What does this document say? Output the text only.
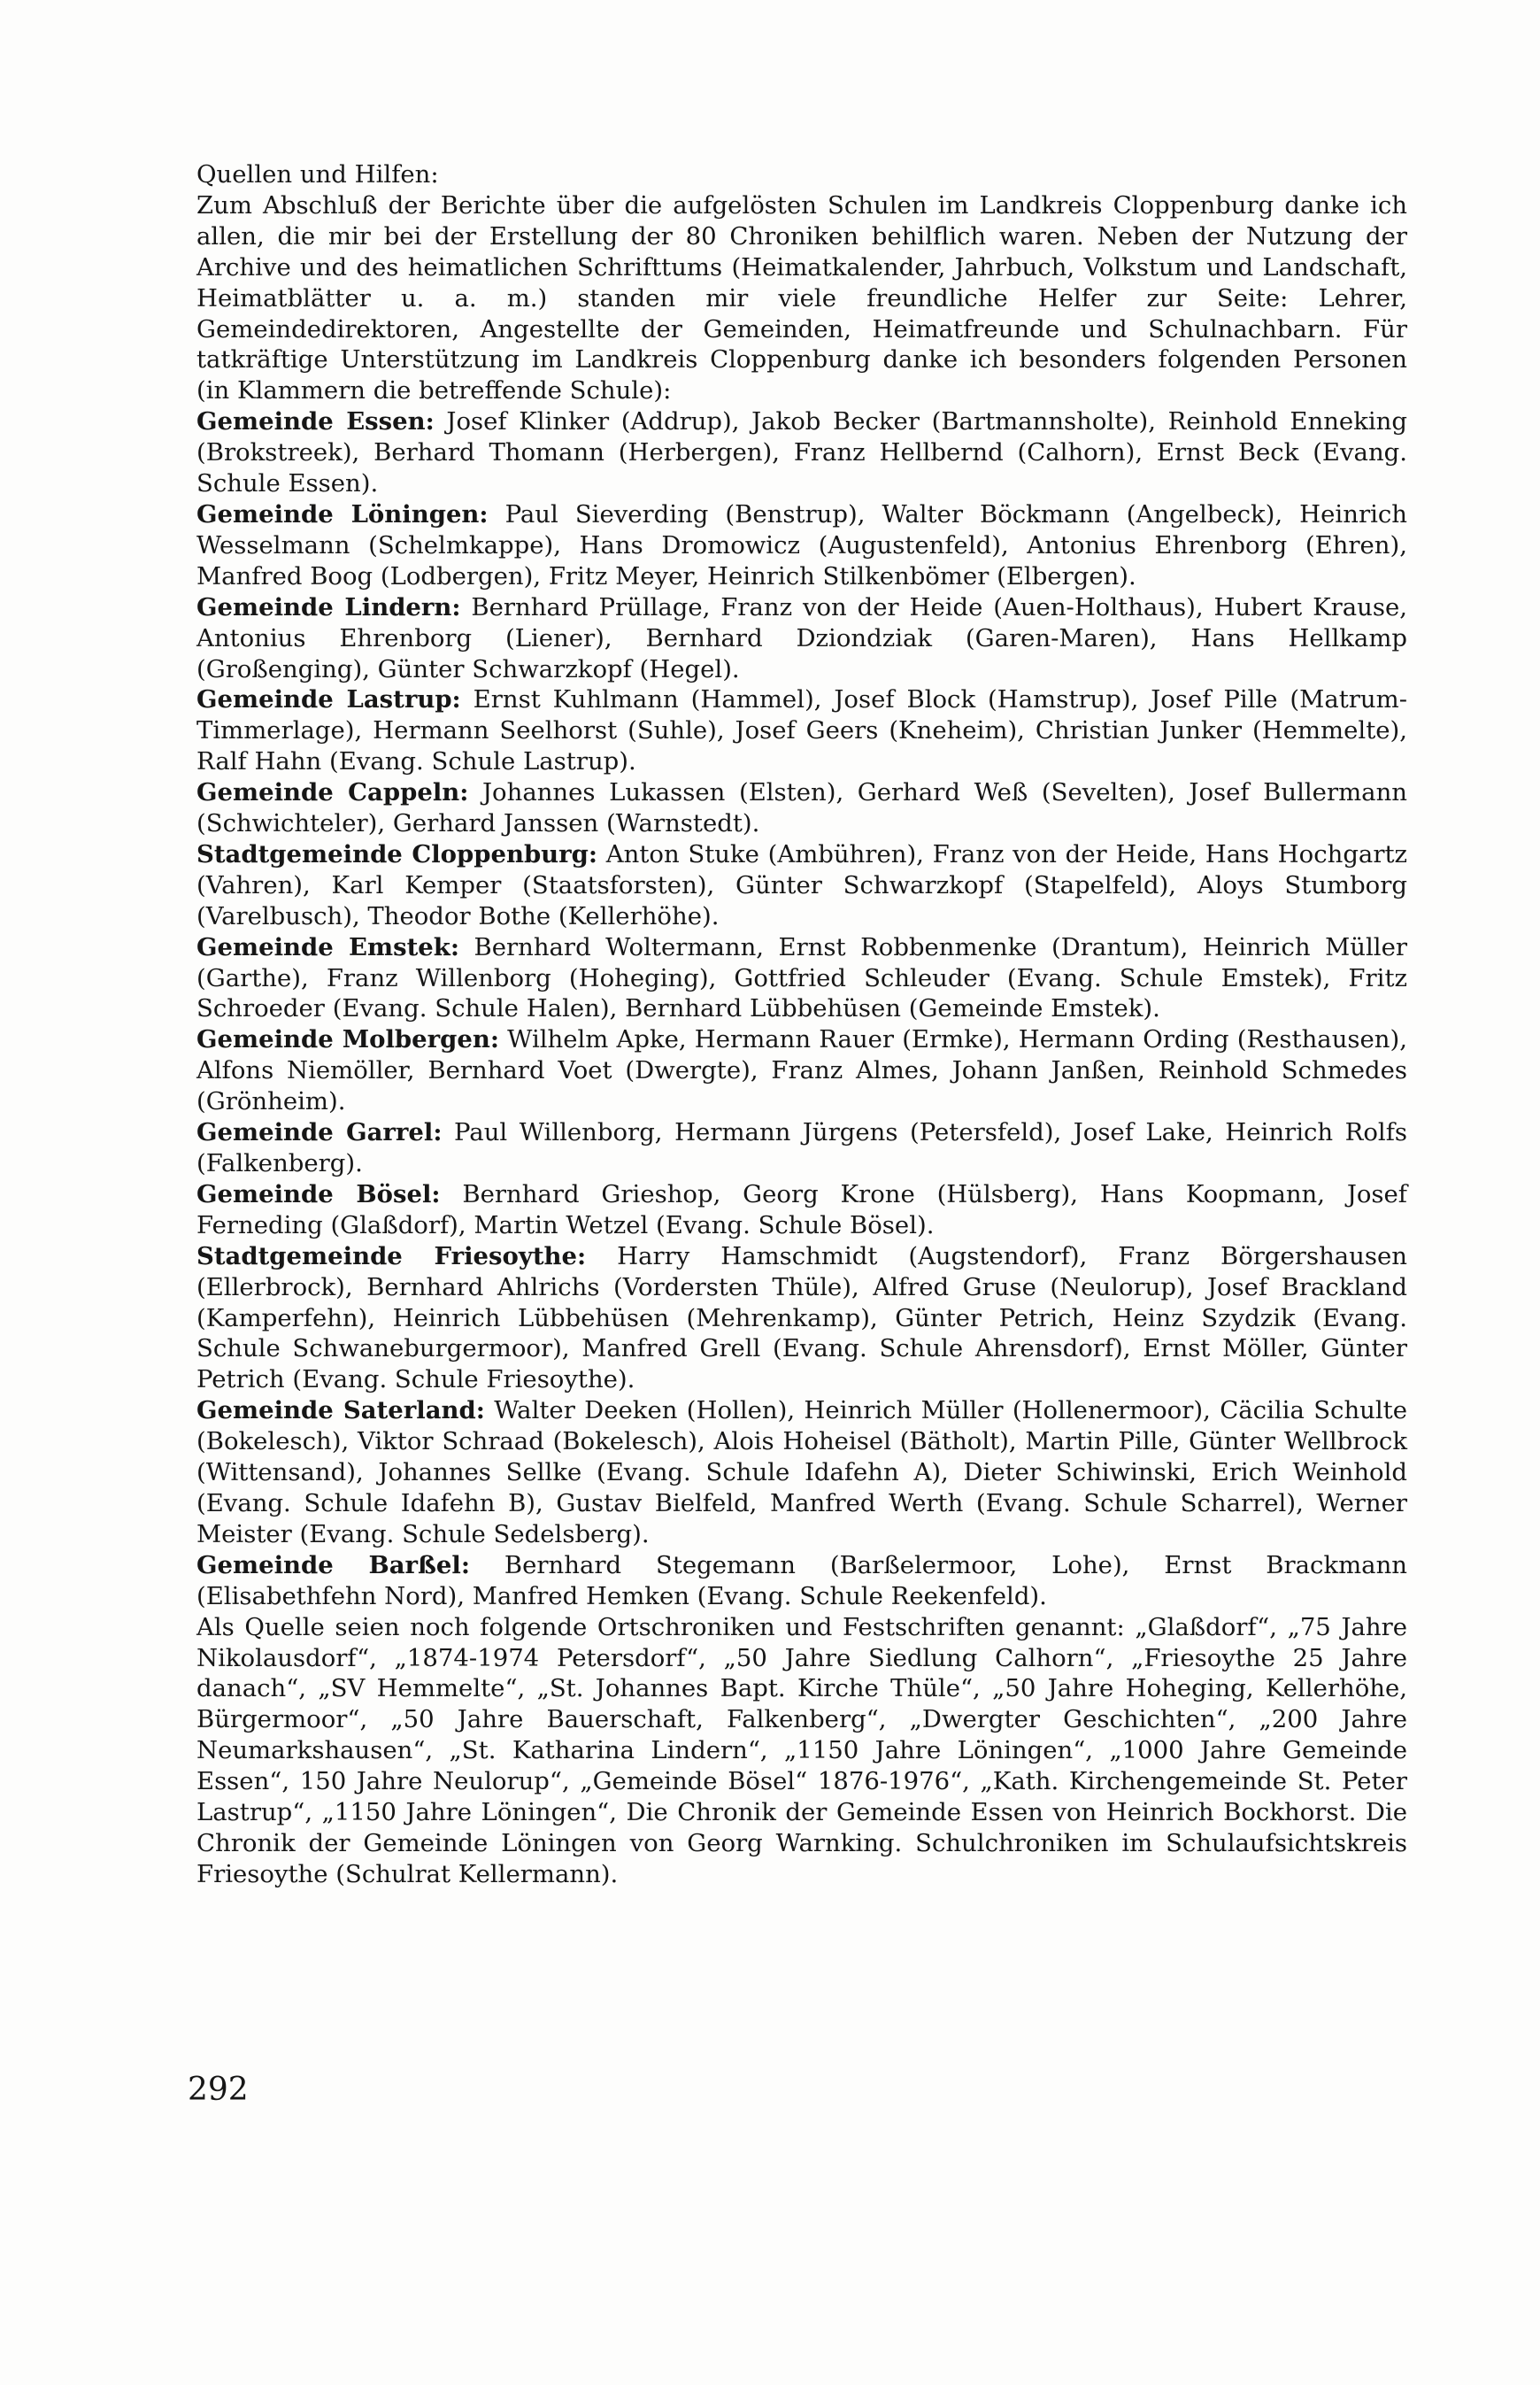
Quellen und Hilfen:

Zum Abschluß der Berichte über die aufgelösten Schulen im Landkreis Cloppenburg danke ich allen, die mir bei der Erstellung der 80 Chroniken behilflich waren. Neben der Nutzung der Archive und des heimatlichen Schrifttums (Heimatkalender, Jahrbuch, Volkstum und Landschaft, Heimatblätter u. a. m.) standen mir viele freundliche Helfer zur Seite: Lehrer, Gemeindedirektoren, Angestellte der Gemeinden, Heimatfreunde und Schulnachbarn. Für tatkräftige Unterstützung im Landkreis Cloppenburg danke ich besonders folgenden Personen (in Klammern die betreffende Schule):

Gemeinde Essen: Josef Klinker (Addrup), Jakob Becker (Bartmannsholte), Reinhold Enneking (Brokstreek), Berhard Thomann (Herbergen), Franz Hellbernd (Calhorn), Ernst Beck (Evang. Schule Essen).

Gemeinde Löningen: Paul Sieverding (Benstrup), Walter Böckmann (Angelbeck), Heinrich Wesselmann (Schelmkappe), Hans Dromowicz (Augustenfeld), Antonius Ehrenborg (Ehren), Manfred Boog (Lodbergen), Fritz Meyer, Heinrich Stilkenbömer (Elbergen).

Gemeinde Lindern: Bernhard Prüllage, Franz von der Heide (Auen-Holthaus), Hubert Krause, Antonius Ehrenborg (Liener), Bernhard Dziondziak (Garen-Maren), Hans Hellkamp (Großenging), Günter Schwarzkopf (Hegel).

Gemeinde Lastrup: Ernst Kuhlmann (Hammel), Josef Block (Hamstrup), Josef Pille (Matrum-Timmerlage), Hermann Seelhorst (Suhle), Josef Geers (Kneheim), Christian Junker (Hemmelte), Ralf Hahn (Evang. Schule Lastrup).

Gemeinde Cappeln: Johannes Lukassen (Elsten), Gerhard Weß (Sevelten), Josef Bullermann (Schwichteler), Gerhard Janssen (Warnstedt).

Stadtgemeinde Cloppenburg: Anton Stuke (Ambühren), Franz von der Heide, Hans Hochgartz (Vahren), Karl Kemper (Staatsforsten), Günter Schwarzkopf (Stapelfeld), Aloys Stumborg (Varelbusch), Theodor Bothe (Kellerhöhe).

Gemeinde Emstek: Bernhard Woltermann, Ernst Robbenmenke (Drantum), Heinrich Müller (Garthe), Franz Willenborg (Hoheging), Gottfried Schleuder (Evang. Schule Emstek), Fritz Schroeder (Evang. Schule Halen), Bernhard Lübbehüsen (Gemeinde Emstek).

Gemeinde Molbergen: Wilhelm Apke, Hermann Rauer (Ermke), Hermann Ording (Resthausen), Alfons Niemöller, Bernhard Voet (Dwergte), Franz Almes, Johann Janßen, Reinhold Schmedes (Grönheim).

Gemeinde Garrel: Paul Willenborg, Hermann Jürgens (Petersfeld), Josef Lake, Heinrich Rolfs (Falkenberg).

Gemeinde Bösel: Bernhard Grieshop, Georg Krone (Hülsberg), Hans Koopmann, Josef Ferneding (Glaßdorf), Martin Wetzel (Evang. Schule Bösel).

Stadtgemeinde Friesoythe: Harry Hamschmidt (Augstendorf), Franz Börgershausen (Ellerbrock), Bernhard Ahlrichs (Vordersten Thüle), Alfred Gruse (Neulorup), Josef Brackland (Kamperfehn), Heinrich Lübbehüsen (Mehrenkamp), Günter Petrich, Heinz Szydzik (Evang. Schule Schwaneburgermoor), Manfred Grell (Evang. Schule Ahrensdorf), Ernst Möller, Günter Petrich (Evang. Schule Friesoythe).

Gemeinde Saterland: Walter Deeken (Hollen), Heinrich Müller (Hollenermoor), Cäcilia Schulte (Bokelesch), Viktor Schraad (Bokelesch), Alois Hoheisel (Bätholt), Martin Pille, Günter Wellbrock (Wittensand), Johannes Sellke (Evang. Schule Idafehn A), Dieter Schiwinski, Erich Weinhold (Evang. Schule Idafehn B), Gustav Bielfeld, Manfred Werth (Evang. Schule Scharrel), Werner Meister (Evang. Schule Sedelsberg).

Gemeinde Barßel: Bernhard Stegemann (Barßelermoor, Lohe), Ernst Brackmann (Elisabethfehn Nord), Manfred Hemken (Evang. Schule Reekenfeld).

Als Quelle seien noch folgende Ortschroniken und Festschriften genannt: „Glaßdorf“, „75 Jahre Nikolausdorf“, „1874-1974 Petersdorf“, „50 Jahre Siedlung Calhorn“, „Friesoythe 25 Jahre danach“, „SV Hemmelte“, „St. Johannes Bapt. Kirche Thüle“, „50 Jahre Hoheging, Kellerhöhe, Bürgermoor“, „50 Jahre Bauerschaft, Falkenberg“, „Dwergter Geschichten“, „200 Jahre Neumarkshausen“, „St. Katharina Lindern“, „1150 Jahre Löningen“, „1000 Jahre Gemeinde Essen“, 150 Jahre Neulorup“, „Gemeinde Bösel“ 1876-1976“, „Kath. Kirchengemeinde St. Peter Lastrup“, „1150 Jahre Löningen“, Die Chronik der Gemeinde Essen von Heinrich Bockhorst. Die Chronik der Gemeinde Löningen von Georg Warnking. Schulchroniken im Schulaufsichtskreis Friesoythe (Schulrat Kellermann).

292
